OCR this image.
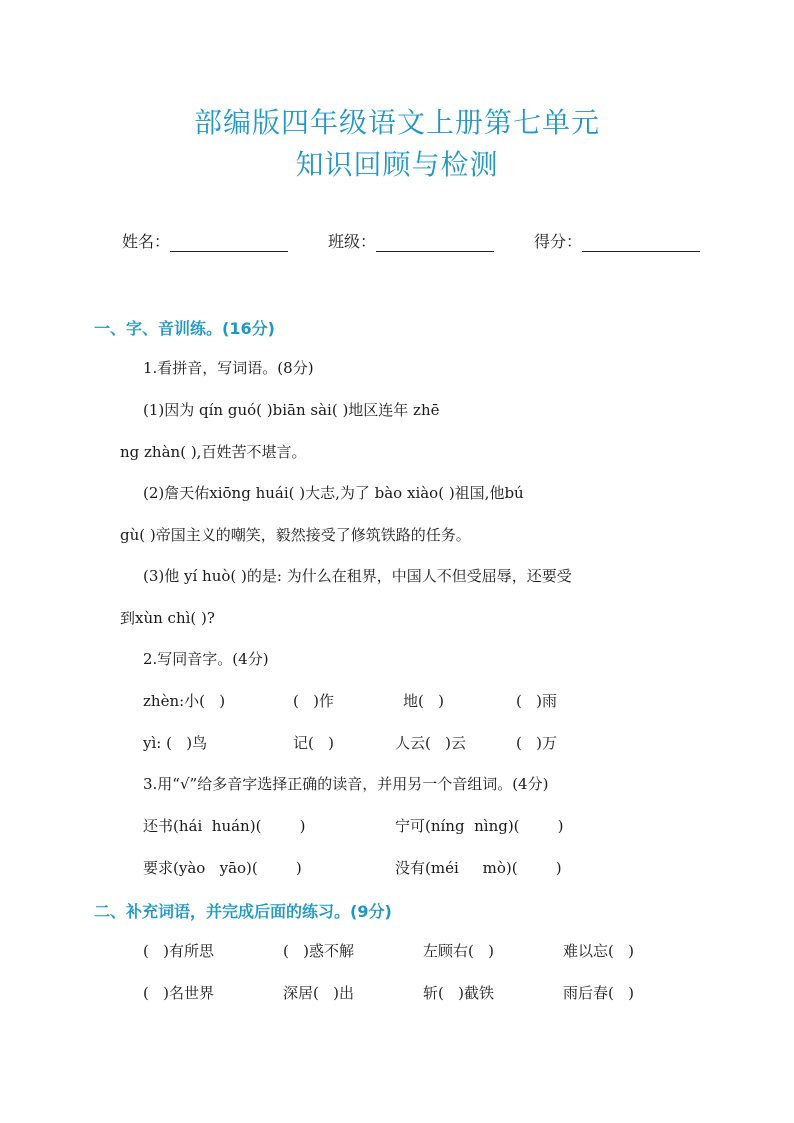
部编版四年级语文上册第七单元
知识回顾与检测
姓名：	班级：	得分：
一、字、音训练。(16分)
1.看拼音，写词语。(8分)
(1)因为 qín guó( )biān sài( )地区连年 zhē
ng zhàn( ),百姓苦不堪言。
(2)詹天佑xiōng huái( )大志,为了 bào xiào( )祖国,他bú
gù( )帝国主义的嘲笑，毅然接受了修筑铁路的任务。
(3)他 yí huò( )的是: 为什么在租界，中国人不但受屈辱，还要受
到xùn chì( )?
2.写同音字。(4分)
zhèn:小(   )	(   )作	地(   )	(   )雨
yì: (   )鸟	记(   )	人云(   )云	(   )万
3.用“√”给多音字选择正确的读音，并用另一个音组词。(4分)
还书(hái  huán)(        )	宁可(níng  nìng)(        )
要求(yào   yāo)(        )	没有(méi     mò)(        )
二、补充词语，并完成后面的练习。(9分)
(   )有所思	(   )惑不解	左顾右(   )	难以忘(   )
(   )名世界	深居(   )出	斩(   )截铁	雨后春(   )
